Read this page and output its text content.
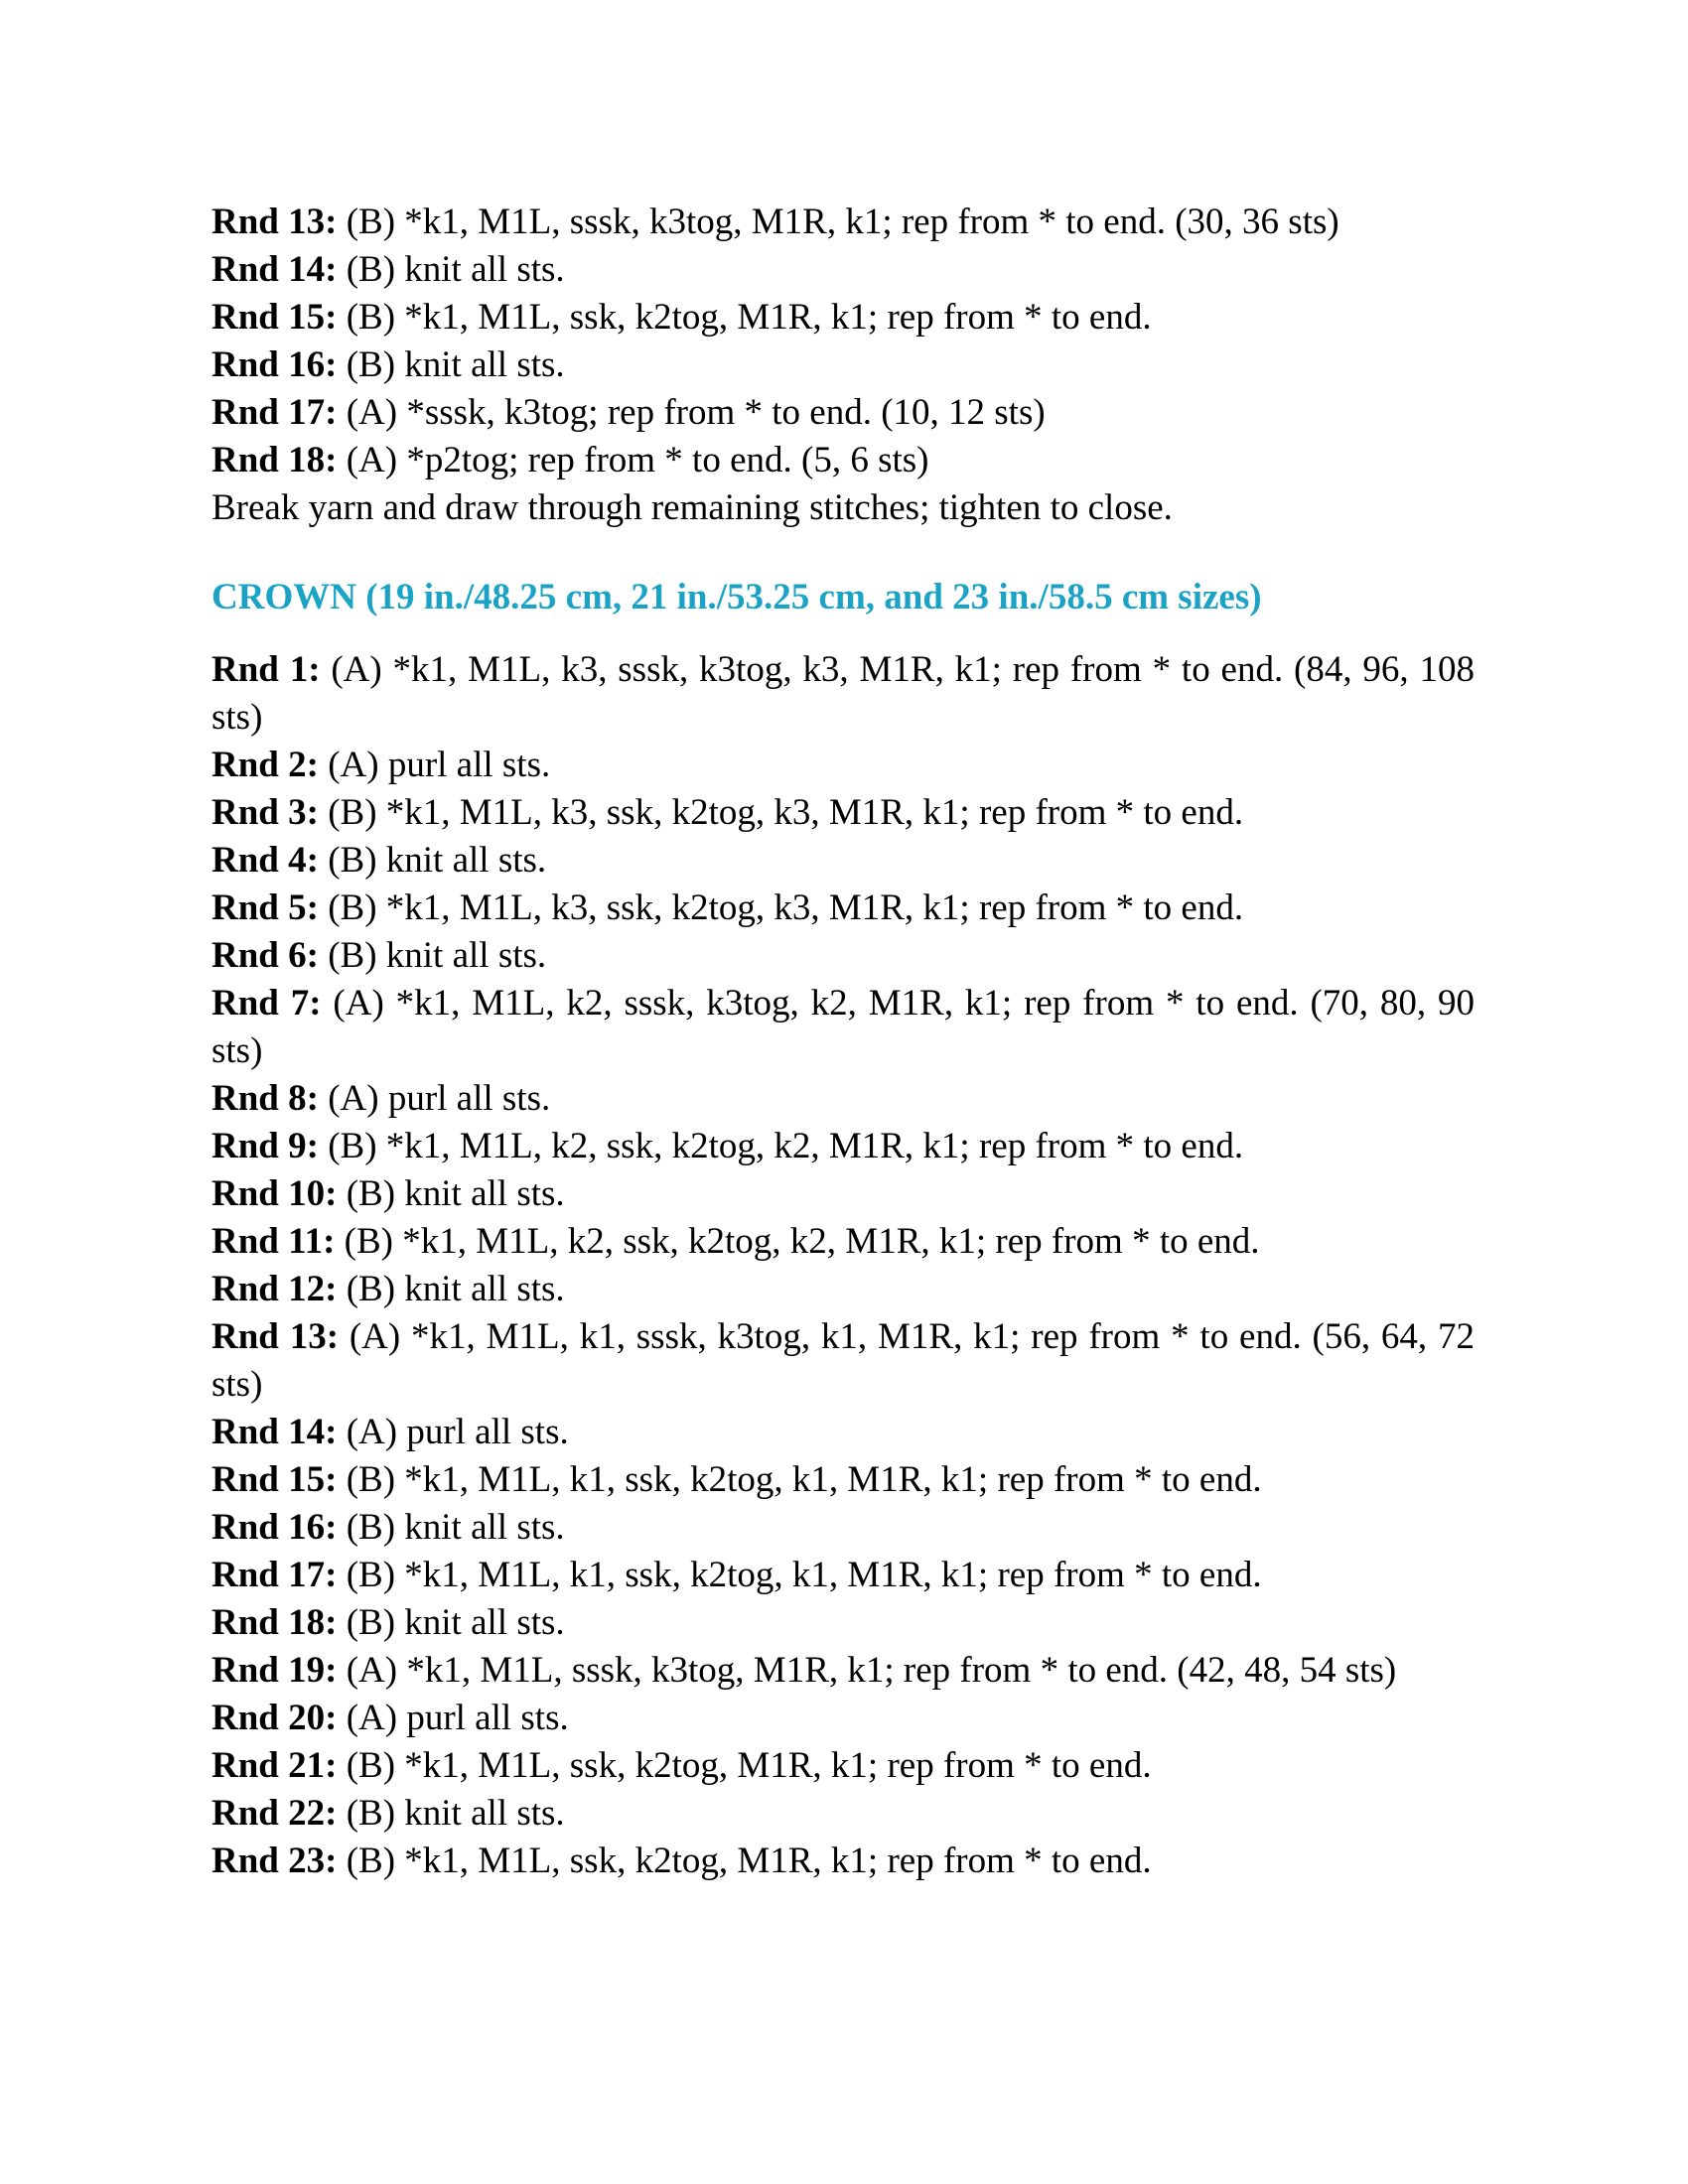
Rnd 13: (B) *k1, M1L, sssk, k3tog, M1R, k1; rep from * to end. (30, 36 sts)

Rnd 14: (B) knit all sts.

Rnd 15: (B) *k1, M1L, ssk, k2tog, M1R, k1; rep from * to end.

Rnd 16: (B) knit all sts.

Rnd 17: (A) *sssk, k3tog; rep from * to end. (10, 12 sts)

Rnd 18: (A) *p2tog; rep from * to end. (5, 6 sts)

Break yarn and draw through remaining stitches; tighten to close.

CROWN (19 in./48.25 cm, 21 in./53.25 cm, and 23 in./58.5 cm sizes)

Rnd 1: (A) *k1, M1L, k3, sssk, k3tog, k3, M1R, k1; rep from * to end. (84, 96, 108 sts)

Rnd 2: (A) purl all sts.

Rnd 3: (B) *k1, M1L, k3, ssk, k2tog, k3, M1R, k1; rep from * to end.

Rnd 4: (B) knit all sts.

Rnd 5: (B) *k1, M1L, k3, ssk, k2tog, k3, M1R, k1; rep from * to end.

Rnd 6: (B) knit all sts.

Rnd 7: (A) *k1, M1L, k2, sssk, k3tog, k2, M1R, k1; rep from * to end. (70, 80, 90 sts)

Rnd 8: (A) purl all sts.

Rnd 9: (B) *k1, M1L, k2, ssk, k2tog, k2, M1R, k1; rep from * to end.

Rnd 10: (B) knit all sts.

Rnd 11: (B) *k1, M1L, k2, ssk, k2tog, k2, M1R, k1; rep from * to end.

Rnd 12: (B) knit all sts.

Rnd 13: (A) *k1, M1L, k1, sssk, k3tog, k1, M1R, k1; rep from * to end. (56, 64, 72 sts)

Rnd 14: (A) purl all sts.

Rnd 15: (B) *k1, M1L, k1, ssk, k2tog, k1, M1R, k1; rep from * to end.

Rnd 16: (B) knit all sts.

Rnd 17: (B) *k1, M1L, k1, ssk, k2tog, k1, M1R, k1; rep from * to end.

Rnd 18: (B) knit all sts.

Rnd 19: (A) *k1, M1L, sssk, k3tog, M1R, k1; rep from * to end. (42, 48, 54 sts)

Rnd 20: (A) purl all sts.

Rnd 21: (B) *k1, M1L, ssk, k2tog, M1R, k1; rep from * to end.

Rnd 22: (B) knit all sts.

Rnd 23: (B) *k1, M1L, ssk, k2tog, M1R, k1; rep from * to end.
